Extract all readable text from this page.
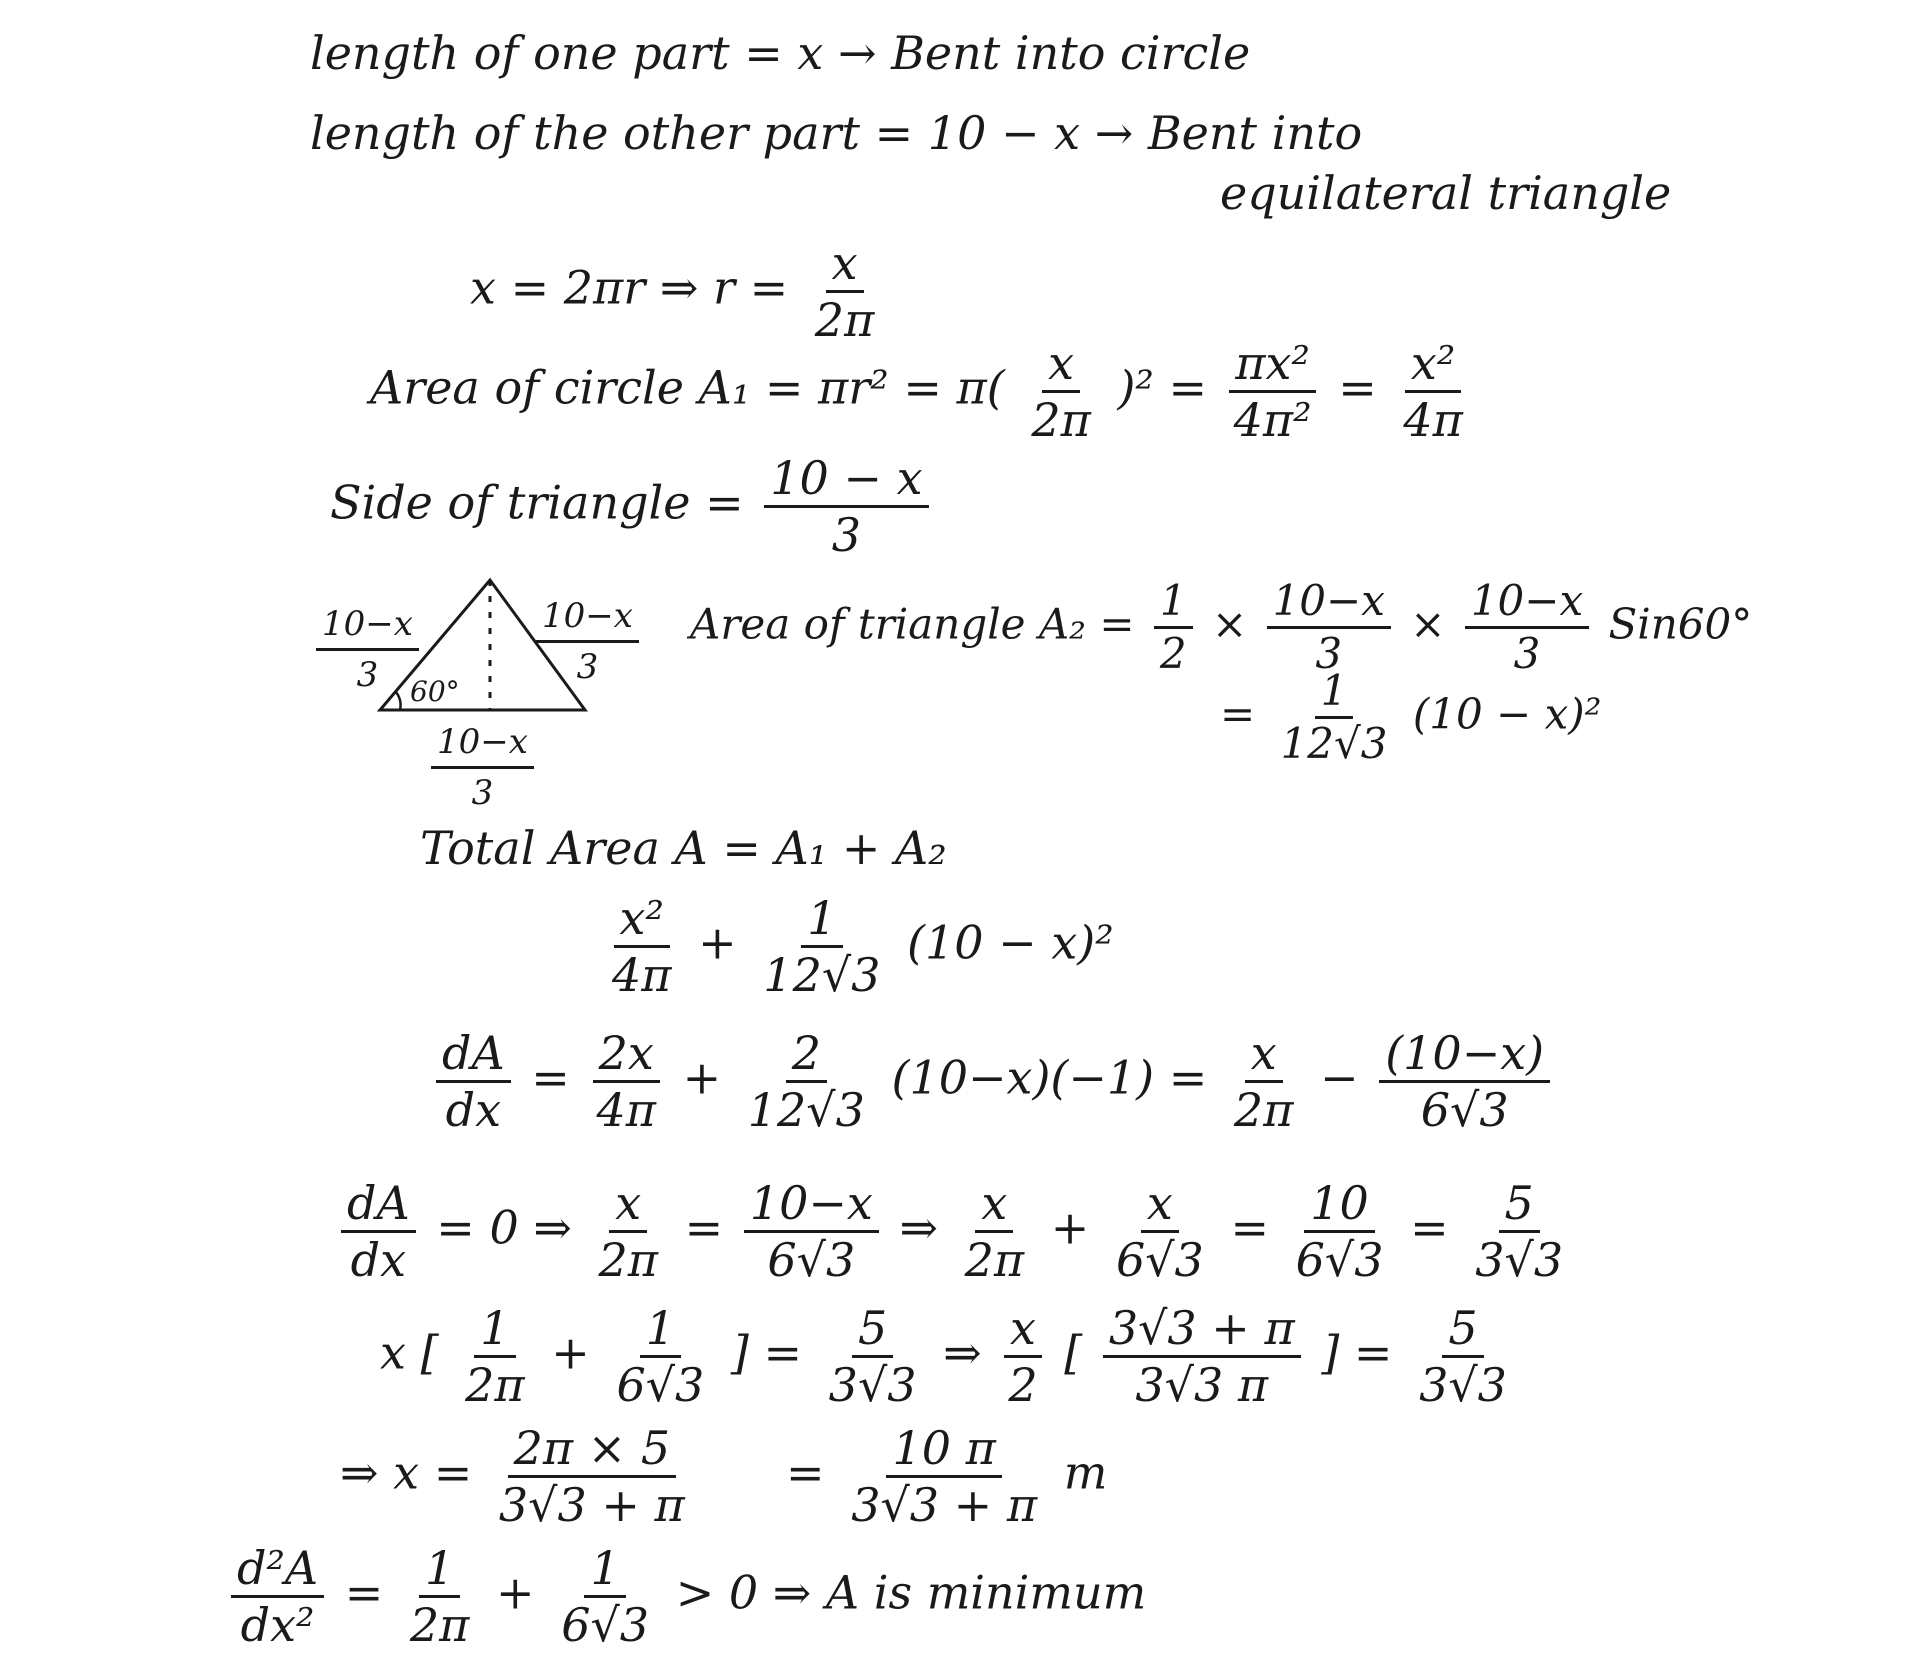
length of one part = x → Bent into circle
length of the other part = 10 − x → Bent into
equilateral triangle
x = 2πr ⇒ $r = \frac{x}{2\pi}$
Area of circle $A_1 = \pi r^2 = \pi( \frac{x}{2\pi} )^2 = \frac{\text{πx²}}{\text{4π²}} = \frac{\text{x²}}{4\pi}$
Side of triangle = $\frac{10 - x}{3}$
$\frac{10-x}{3}$	$\frac{10-x}{3}$
60°
$\frac{10-x}{3}$
Area of triangle $A_2 = \frac{1}{2} \times \frac{10-x}{3} \times \frac{10-x}{3} Sin60^\circ$
= $\frac{1}{12√3} (10 - x)^2$
Total Area A = A₁ + A₂
$\frac{\text{x²}}{4\pi} + \frac{1}{12√3} (10 - x)^2$
$\frac{dA}{dx} = \frac{2x}{4\pi} + \frac{2}{12√3} (10-x)(-1) = \frac{x}{2\pi} - \frac{(10-x)}{6√3}$
$\frac{dA}{dx} = 0$ ⇒ $\frac{x}{2\pi} = \frac{10-x}{6√3}$ ⇒ $\frac{x}{2\pi} + \frac{x}{6√3} = \frac{10}{6√3} = \frac{5}{3√3}$
x [ $\frac{1}{2\pi} + \frac{1}{6√3}$ ] = $\frac{5}{3√3}$ ⇒ $\frac{x}{2}$ [ $\frac{3√3 + \pi}{3√3 \pi}$ ] = $\frac{5}{3√3}$
⇒ $x = \frac{2\pi \times 5}{3√3 + \pi} = \frac{10 \pi}{3√3 + \pi}$ m
$\frac{\text{d²A}}{\text{dx²}} = \frac{1}{2\pi} + \frac{1}{6√3} > 0$ ⇒ A is minimum
